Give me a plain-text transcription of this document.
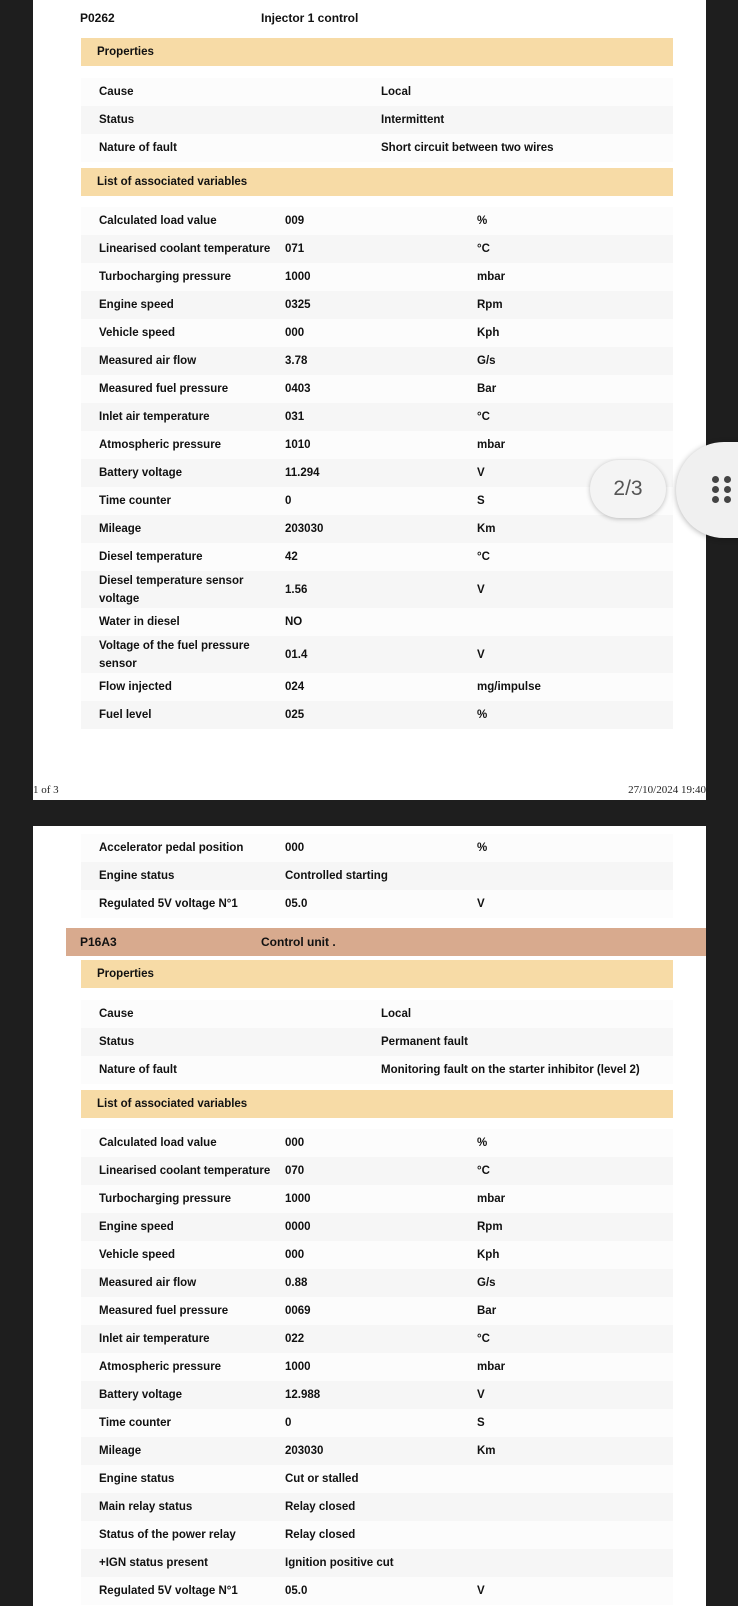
P0262	Injector 1 control
Properties
Cause	Local
Status	Intermittent
Nature of fault	Short circuit between two wires
List of associated variables
Calculated load value	009	%
Linearised coolant temperature	071	°C
Turbocharging pressure	1000	mbar
Engine speed	0325	Rpm
Vehicle speed	000	Kph
Measured air flow	3.78	G/s
Measured fuel pressure	0403	Bar
Inlet air temperature	031	°C
Atmospheric pressure	1010	mbar
Battery voltage	11.294	V
Time counter	0	S
Mileage	203030	Km
Diesel temperature	42	°C
Diesel temperature sensor voltage
1.56	V
Water in diesel	NO
Voltage of the fuel pressure sensor
01.4	V
Flow injected	024	mg/impulse
Fuel level	025	%
1 of 3	27/10/2024 19:40
Accelerator pedal position	000	%
Engine status	Controlled starting
Regulated 5V voltage N°1	05.0	V
P16A3	Control unit .
Properties
Cause	Local
Status	Permanent fault
Nature of fault	Monitoring fault on the starter inhibitor (level 2)
List of associated variables
Calculated load value	000	%
Linearised coolant temperature	070	°C
Turbocharging pressure	1000	mbar
Engine speed	0000	Rpm
Vehicle speed	000	Kph
Measured air flow	0.88	G/s
Measured fuel pressure	0069	Bar
Inlet air temperature	022	°C
Atmospheric pressure	1000	mbar
Battery voltage	12.988	V
Time counter	0	S
Mileage	203030	Km
Engine status	Cut or stalled
Main relay status	Relay closed
Status of the power relay	Relay closed
+IGN status present	Ignition positive cut
Regulated 5V voltage N°1	05.0	V
2/3
